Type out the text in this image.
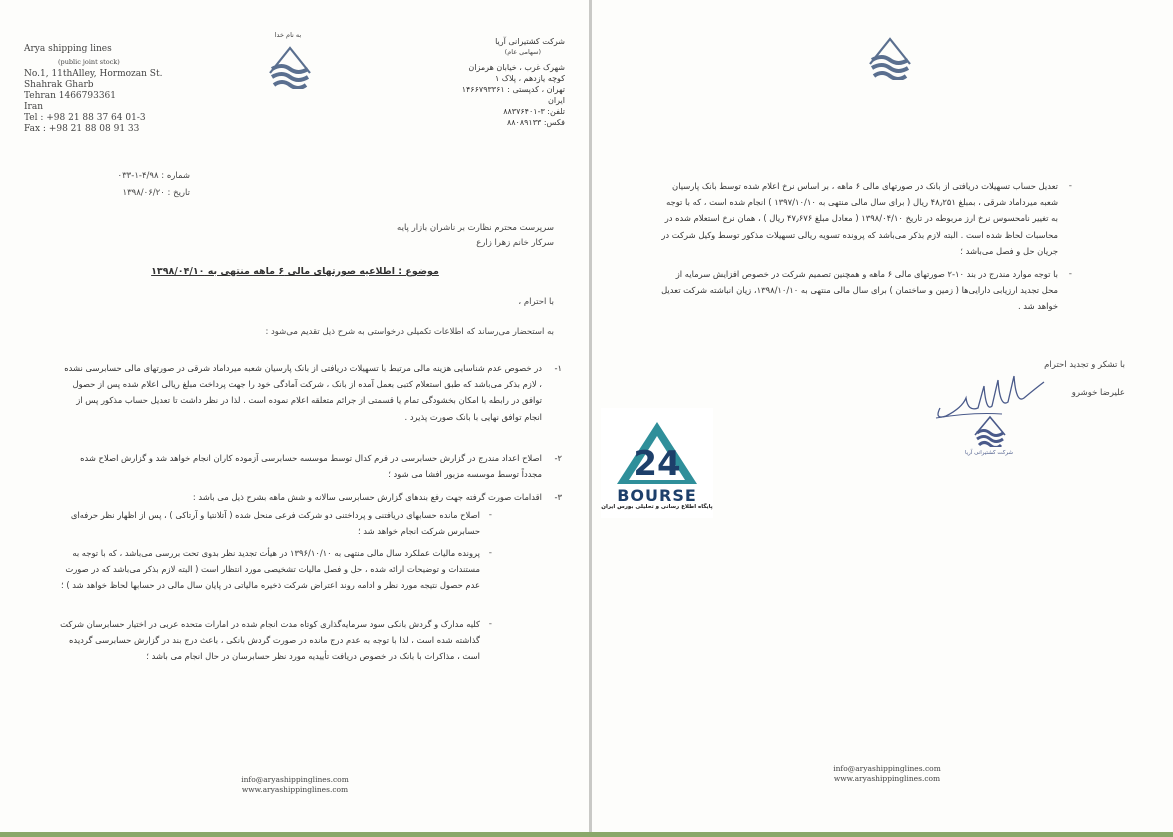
Arya shipping lines
(public joint stock)
No.1, 11thAlley, Hormozan St.
Shahrak Gharb
Tehran 1466793361
Iran
Tel : +98 21 88 37 64 01-3
Fax : +98 21 88 08 91 33
به نام خدا
شرکت کشتیرانی آریا
(سهامی عام)
شهرک غرب ، خیابان هرمزان
کوچه یازدهم ، پلاک ۱
تهران ، کدپستی : ۱۴۶۶۷۹۳۳۶۱
ایران
تلفن: ۳-۸۸۳۷۶۴۰۱
فکس: ۸۸۰۸۹۱۳۳
شماره : ۴/۹۸-۱-۰۳۳
تاریخ : ۱۳۹۸/۰۶/۲۰
سرپرست محترم نظارت بر ناشران بازار پایه
سرکار خانم زهرا زارع
موضوع : اطلاعیه صورتهای مالی ۶ ماهه منتهی به ۱۳۹۸/۰۴/۱۰
با احترام ،
به استحضار می‌رساند که اطلاعات تکمیلی درخواستی به شرح ذیل تقدیم می‌شود :
۱-
در خصوص عدم شناسایی هزینه مالی مرتبط با تسهیلات دریافتی از بانک پارسیان شعبه میرداماد شرقی در صورتهای مالی حسابرسی نشده ، لازم بذکر می‌باشد که طبق استعلام کتبی بعمل آمده از بانک ، شرکت آمادگی خود را جهت پرداخت مبلغ ریالی اعلام شده پس از حصول توافق در رابطه با امکان بخشودگی تمام یا قسمتی از جرائم متعلقه اعلام نموده است . لذا در نظر داشت تا تعدیل حساب مذکور پس از انجام توافق نهایی با بانک صورت پذیرد .
۲-
اصلاح اعداد مندرج در گزارش حسابرسی در فرم کدال توسط موسسه حسابرسی آزموده کاران انجام خواهد شد و گزارش اصلاح شده مجدداً توسط موسسه مزبور افشا می شود ؛
۳-
اقدامات صورت گرفته جهت رفع بندهای گزارش حسابرسی سالانه و شش ماهه بشرح ذیل می باشد :
-
اصلاح مانده حسابهای دریافتنی و پرداختنی دو شرکت فرعی منحل شده ( آتلانتیا و آرتاکی ) ، پس از اظهار نظر حرفه‌ای حسابرس شرکت انجام خواهد شد ؛
-
پرونده مالیات عملکرد سال مالی منتهی به ۱۳۹۶/۱۰/۱۰ در هیأت تجدید نظر بدوی تحت بررسی می‌باشد ، که با توجه به مستندات و توضیحات ارائه شده ، حل و فصل مالیات تشخیصی مورد انتظار است ( البته لازم بذکر می‌باشد که در صورت عدم حصول نتیجه مورد نظر و ادامه روند اعتراض شرکت ذخیره مالیاتی در پایان سال مالی در حسابها لحاظ خواهد شد ) ؛
-
کلیه مدارک و گردش بانکی سود سرمایه‌گذاری کوتاه مدت انجام شده در امارات متحده عربی در اختیار حسابرسان شرکت گذاشته شده است ، لذا با توجه به عدم درج مانده در صورت گردش بانکی ، باعث درج بند در گزارش حسابرسی گردیده است ، مذاکرات با بانک در خصوص دریافت تأییدیه مورد نظر حسابرسان در حال انجام می باشد ؛
info@aryashippinglines.com
www.aryashippinglines.com
-
تعدیل حساب تسهیلات دریافتی از بانک در صورتهای مالی ۶ ماهه ، بر اساس نرخ اعلام شده توسط بانک پارسیان شعبه میرداماد شرقی ، بمبلغ ۴۸٫۲۵۱ ریال ( برای سال مالی منتهی به ۱۳۹۷/۱۰/۱۰ ) انجام شده است ، که با توجه به تغییر نامحسوس نرخ ارز مربوطه در تاریخ ۱۳۹۸/۰۴/۱۰ ( معادل مبلغ ۴۷٫۶۷۶ ریال ) ، همان نرخ استعلام شده در محاسبات لحاظ شده است . البته لازم بذکر می‌باشد که پرونده تسویه ریالی تسهیلات مذکور توسط وکیل شرکت در جریان حل و فصل می‌باشد ؛
-
با توجه موارد مندرج در بند ۱۰-۲ صورتهای مالی ۶ ماهه و همچنین تصمیم شرکت در خصوص افزایش سرمایه از محل تجدید ارزیابی دارایی‌ها ( زمین و ساختمان ) برای سال مالی منتهی به ۱۳۹۸/۱۰/۱۰، زیان انباشته شرکت تعدیل خواهد شد .
با تشکر و تجدید احترام
علیرضا خوشرو
شرکت کشتیرانی آریا
info@aryashippinglines.com
www.aryashippinglines.com
24
BOURSE
پایگاه اطلاع رسانی و تحلیلی بورس ایران
